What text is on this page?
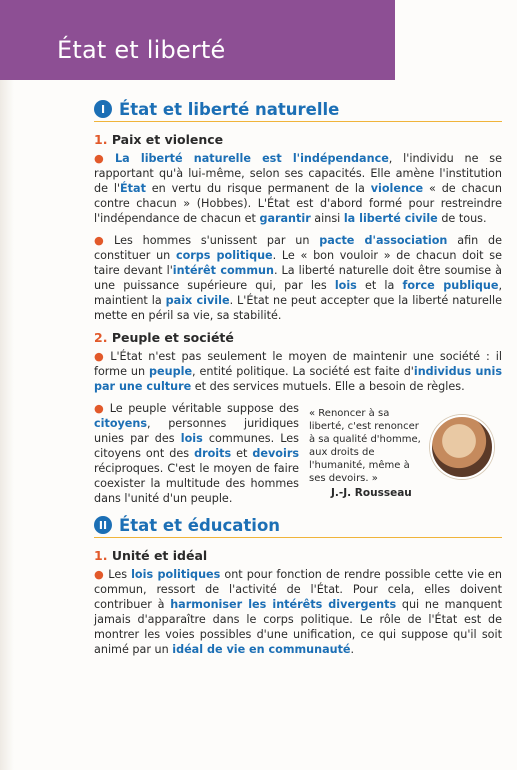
État et liberté
I État et liberté naturelle
1. Paix et violence

● La liberté naturelle est l'indépendance, l'individu ne se rapportant qu'à lui-même, selon ses capacités. Elle amène l'institution de l'État en vertu du risque permanent de la violence « de chacun contre chacun » (Hobbes). L'État est d'abord formé pour restreindre l'indépendance de chacun et garantir ainsi la liberté civile de tous.

● Les hommes s'unissent par un pacte d'association afin de constituer un corps politique. Le « bon vouloir » de chacun doit se taire devant l'intérêt commun. La liberté naturelle doit être soumise à une puissance supérieure qui, par les lois et la force publique, maintient la paix civile. L'État ne peut accepter que la liberté naturelle mette en péril sa vie, sa stabilité.

2. Peuple et société

● L'État n'est pas seulement le moyen de maintenir une société : il forme un peuple, entité politique. La société est faite d'individus unis par une culture et des services mutuels. Elle a besoin de règles.

● Le peuple véritable suppose des citoyens, personnes juridiques unies par des lois communes. Les citoyens ont des droits et devoirs réciproques. C'est le moyen de faire coexister la multitude des hommes dans l'unité d'un peuple.

« Renoncer à sa liberté, c'est renoncer à sa qualité d'homme, aux droits de l'humanité, même à ses devoirs. »
J.-J. Rousseau
II État et éducation
1. Unité et idéal

● Les lois politiques ont pour fonction de rendre possible cette vie en commun, ressort de l'activité de l'État. Pour cela, elles doivent contribuer à harmoniser les intérêts divergents qui ne manquent jamais d'apparaître dans le corps politique. Le rôle de l'État est de montrer les voies possibles d'une unification, ce qui suppose qu'il soit animé par un idéal de vie en communauté.
